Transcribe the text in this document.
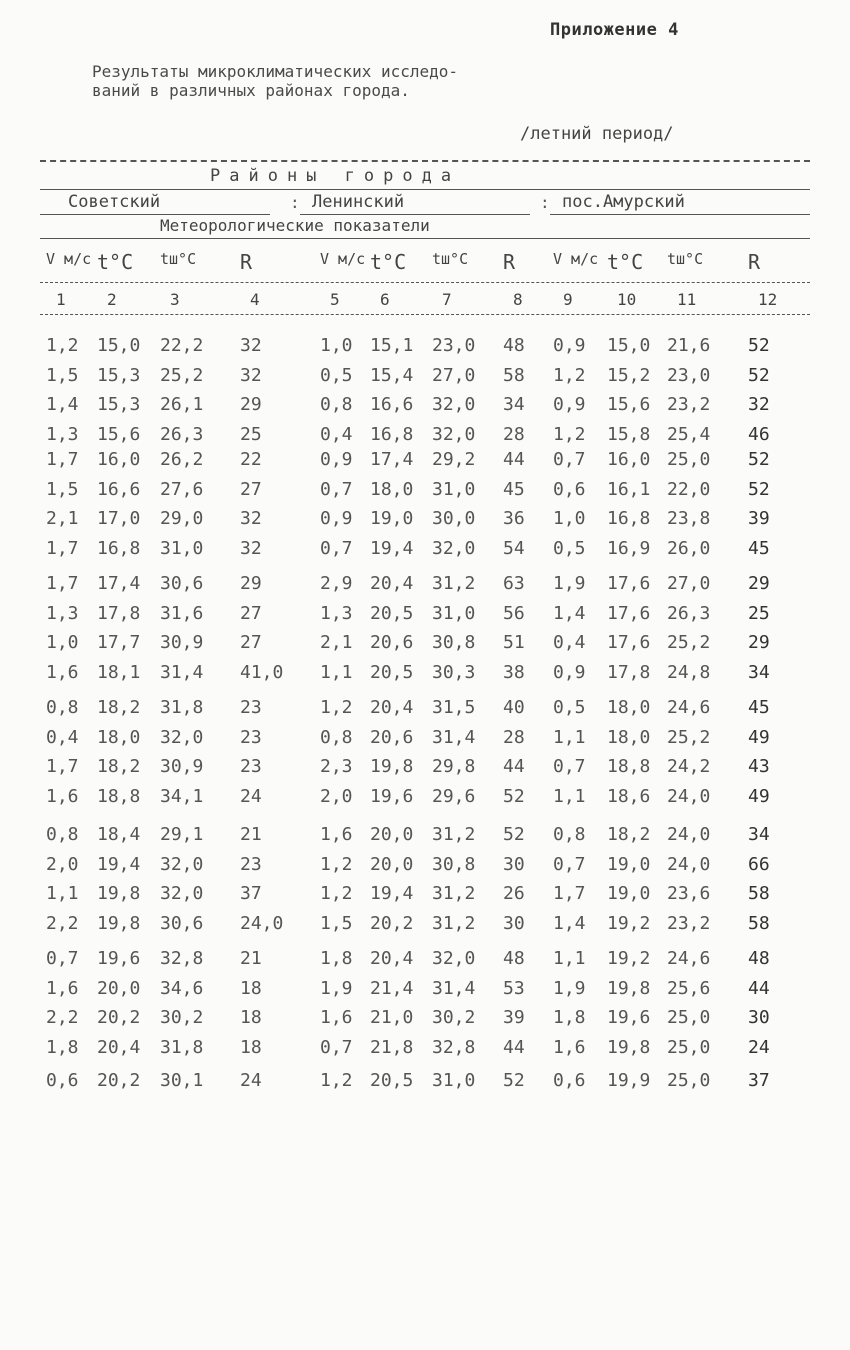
Приложение 4
Результаты микроклиматических исследо-
ваний в различных районах города.
/летний период/
Районы города
Советский	: Ленинский	: пос.Амурский
Метеорологические показатели
V м/с t°C tш°C R	V м/с t°C tш°C R	V м/с t°C tш°C R
1	2	3	4	5	6	7	8	9	10	11	12
1,2 15,0 22,2 32	1,0 15,1 23,0 48 0,9 15,0 21,6 52
1,5 15,3 25,2 32	0,5 15,4 27,0 58 1,2 15,2 23,0 52
1,4 15,3 26,1 29	0,8 16,6 32,0 34 0,9 15,6 23,2 32
1,3 15,6 26,3 25	0,4 16,8 32,0 28 1,2 15,8 25,4 46
1,7 16,0 26,2 22	0,9 17,4 29,2 44 0,7 16,0 25,0 52
1,5 16,6 27,6 27	0,7 18,0 31,0 45 0,6 16,1 22,0 52
2,1 17,0 29,0 32	0,9 19,0 30,0 36 1,0 16,8 23,8 39
1,7 16,8 31,0 32	0,7 19,4 32,0 54 0,5 16,9 26,0 45
1,7 17,4 30,6 29	2,9 20,4 31,2 63 1,9 17,6 27,0 29
1,3 17,8 31,6 27	1,3 20,5 31,0 56 1,4 17,6 26,3 25
1,0 17,7 30,9 27	2,1 20,6 30,8 51 0,4 17,6 25,2 29
1,6 18,1 31,4 41,0 1,1 20,5 30,3 38 0,9 17,8 24,8 34
0,8 18,2 31,8 23	1,2 20,4 31,5 40 0,5 18,0 24,6 45
0,4 18,0 32,0 23	0,8 20,6 31,4 28 1,1 18,0 25,2 49
1,7 18,2 30,9 23	2,3 19,8 29,8 44 0,7 18,8 24,2 43
1,6 18,8 34,1 24	2,0 19,6 29,6 52 1,1 18,6 24,0 49
0,8 18,4 29,1 21	1,6 20,0 31,2 52 0,8 18,2 24,0 34
2,0 19,4 32,0 23	1,2 20,0 30,8 30 0,7 19,0 24,0 66
1,1 19,8 32,0 37	1,2 19,4 31,2 26 1,7 19,0 23,6 58
2,2 19,8 30,6 24,0 1,5 20,2 31,2 30 1,4 19,2 23,2 58
0,7 19,6 32,8 21	1,8 20,4 32,0 48 1,1 19,2 24,6 48
1,6 20,0 34,6 18	1,9 21,4 31,4 53 1,9 19,8 25,6 44
2,2 20,2 30,2 18	1,6 21,0 30,2 39 1,8 19,6 25,0 30
1,8 20,4 31,8 18	0,7 21,8 32,8 44 1,6 19,8 25,0 24
0,6 20,2 30,1 24	1,2 20,5 31,0 52 0,6 19,9 25,0 37
